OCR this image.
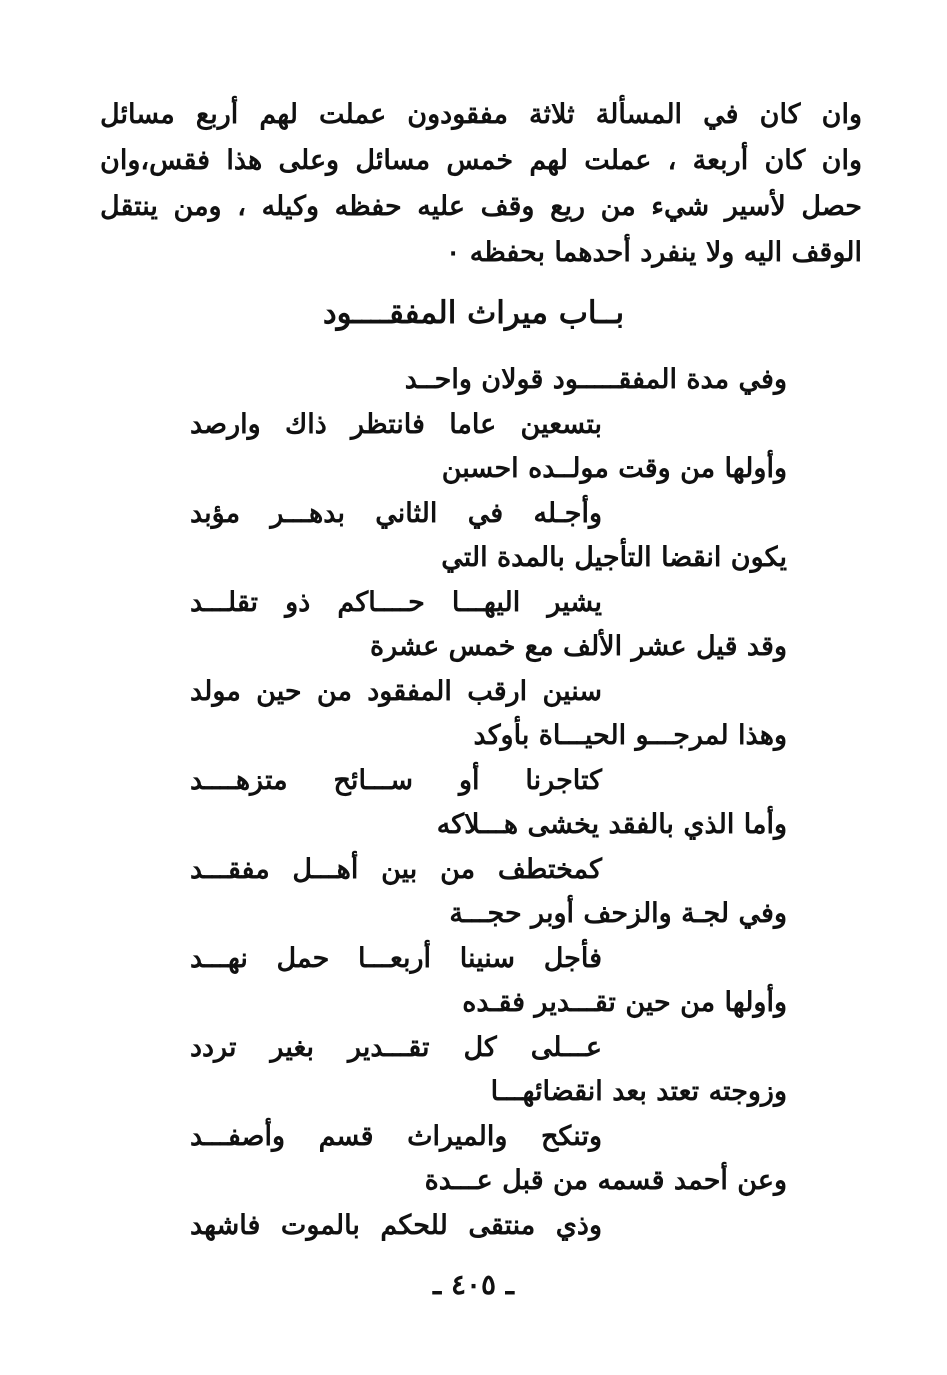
وان كان في المسألة ثلاثة مفقودون عملت لهم أربع مسائل
وان كان أربعة ، عملت لهم خمس مسائل وعلى هذا فقس،وان
حصل لأسير شيء من ريع وقف عليه حفظه وكيله ، ومن ينتقل
الوقف اليه ولا ينفرد أحدهما بحفظه ٠
بــاب ميراث المفقــــود
وفي مدة المفقـــــود قولان واحــد
بتسعين عاما فانتظر ذاك وارصد
وأولها من وقت مولــده احسبن
وأجـله في الثاني بدهـــر مؤبد
يكون انقضا التأجيل بالمدة التي
يشير اليهـــا حــــاكم ذو تقلـــد
وقد قيل عشر الألف مع خمس عشرة
سنين ارقب المفقود من حين مولد
وهذا لمرجـــو الحيـــاة بأوكد
كتاجرنا أو ســـائح متزهــــد
وأما الذي بالفقد يخشى هـــلاكه
كمختطف من بين أهـــل مفقـــد
وفي لجـة والزحف أوبر حجـــة
فأجل سنينا أربعـــا حمل نهـــد
وأولها من حين تقـــدير فقـده
عـــلى كل تقـــدير بغير تردد
وزوجته تعتد بعد انقضائهـــا
وتنكح والميراث قسم وأصفـــد
وعن أحمد قسمه من قبل عـــدة
وذي منتقى للحكم بالموت فاشهد
ـ ٤٠٥ ـ
